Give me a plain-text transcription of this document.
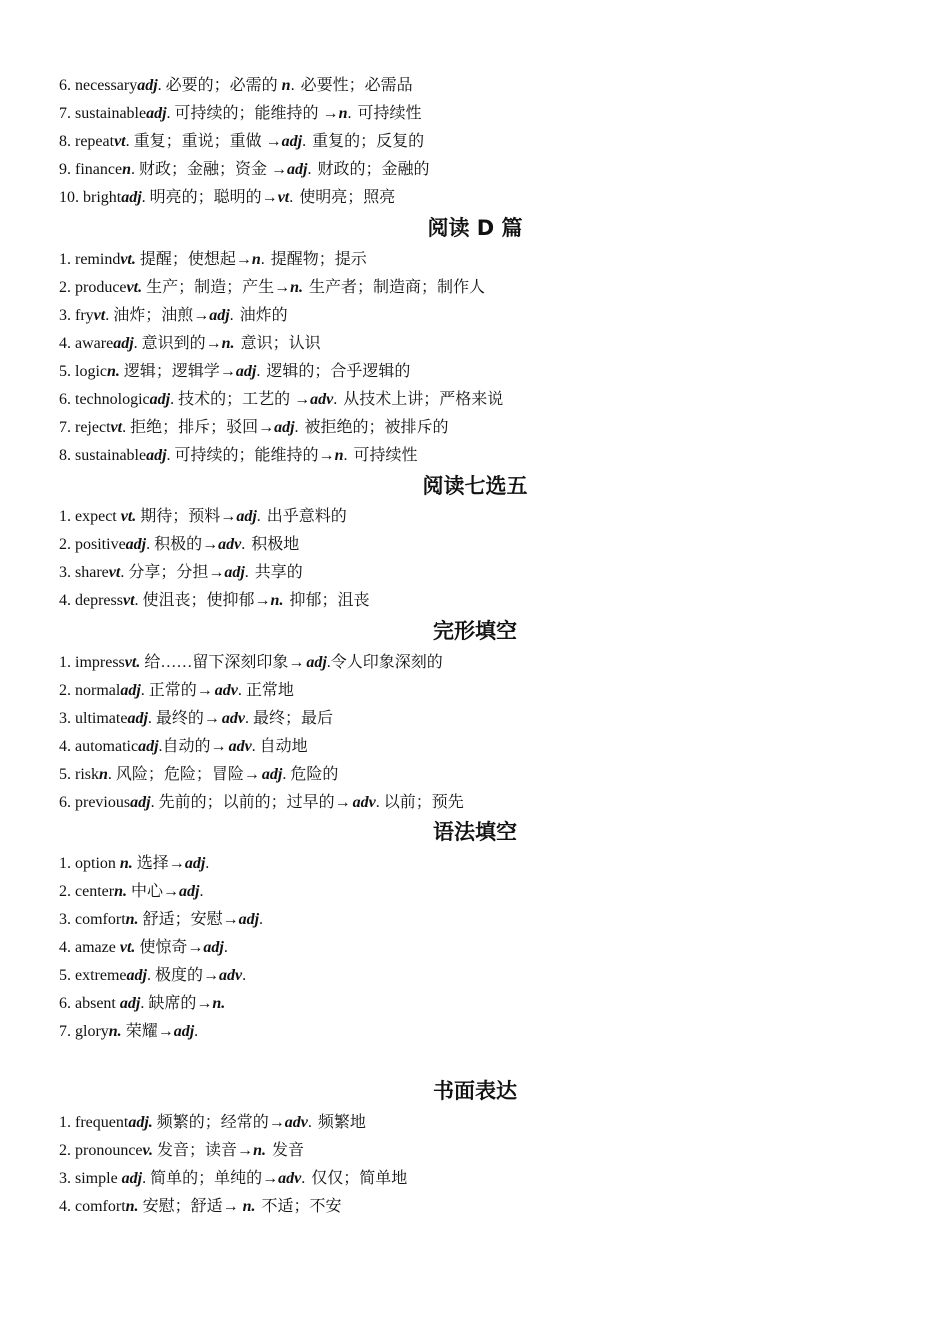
6. necessaryadj. 必要的；必需的 n. 必要性；必需品
7. sustainableadj. 可持续的；能维持的 →n. 可持续性
8. repeatvt. 重复；重说；重做 →adj. 重复的；反复的
9. financen. 财政；金融；资金 →adj. 财政的；金融的
10. brightadj. 明亮的；聪明的→vt. 使明亮；照亮
阅读 D 篇
1. remindvt. 提醒；使想起→n. 提醒物；提示
2. producevt. 生产；制造；产生→n. 生产者；制造商；制作人
3. fryvt. 油炸；油煎→adj. 油炸的
4. awareadj. 意识到的→n. 意识；认识
5. logicn. 逻辑；逻辑学→adj. 逻辑的；合乎逻辑的
6. technologicadj. 技术的；工艺的 →adv. 从技术上讲；严格来说
7. rejectvt. 拒绝；排斥；驳回→adj. 被拒绝的；被排斥的
8. sustainableadj. 可持续的；能维持的→n. 可持续性
阅读七选五
1. expect vt. 期待；预料→adj. 出乎意料的
2. positiveadj. 积极的→adv. 积极地
3. sharevt. 分享；分担→adj. 共享的
4. depressvt. 使沮丧；使抑郁→n. 抑郁；沮丧
完形填空
1. impressvt. 给……留下深刻印象→ adj.令人印象深刻的
2. normaladj. 正常的→ adv. 正常地
3. ultimateadj. 最终的→ adv. 最终；最后
4. automaticadj.自动的→ adv. 自动地
5. riskn. 风险；危险；冒险→ adj. 危险的
6. previousadj. 先前的；以前的；过早的→ adv. 以前；预先
语法填空
1. option n. 选择→adj.
2. centern. 中心→adj.
3. comfortn. 舒适；安慰→adj.
4. amaze vt. 使惊奇→adj.
5. extremeadj. 极度的→adv.
6. absent adj. 缺席的→n.
7. gloryn. 荣耀→adj.
书面表达
1. frequentadj. 频繁的；经常的→adv. 频繁地
2. pronouncev. 发音；读音→n. 发音
3. simple adj. 简单的；单纯的→adv. 仅仅；简单地
4. comfortn. 安慰；舒适→ n. 不适；不安
